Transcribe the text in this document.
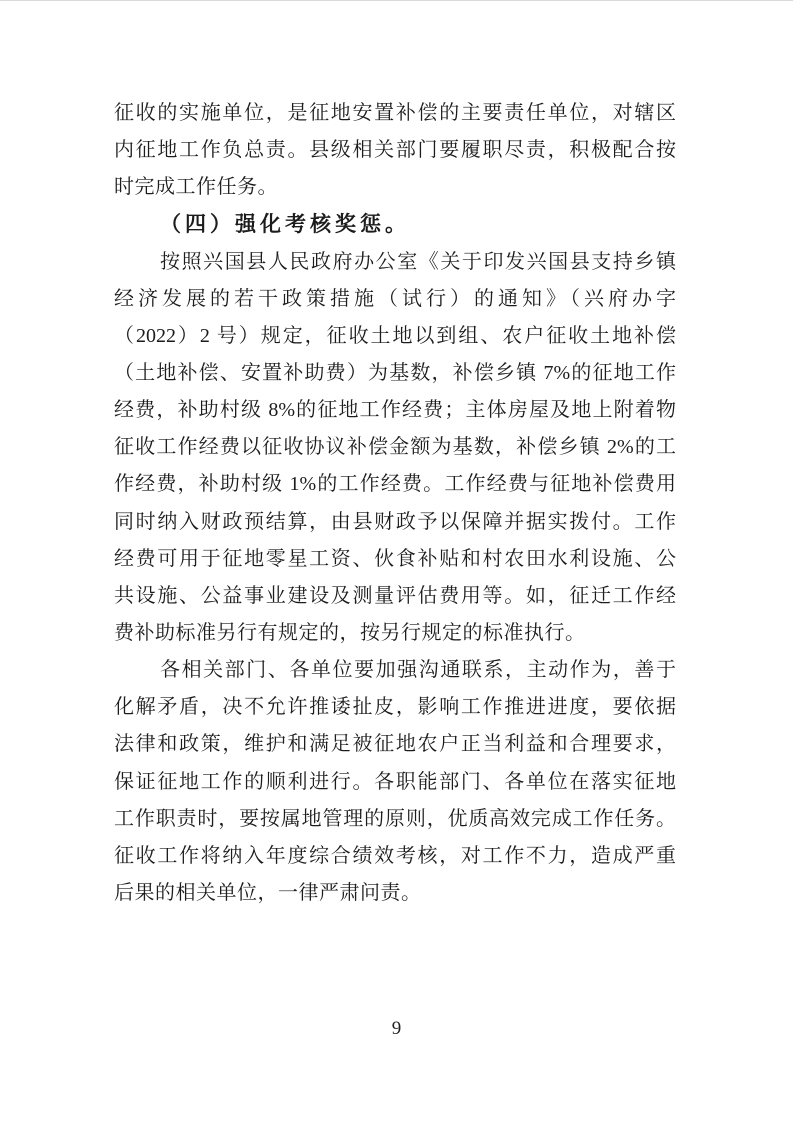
征收的实施单位，是征地安置补偿的主要责任单位，对辖区
内征地工作负总责。县级相关部门要履职尽责，积极配合按
时完成工作任务。
（四）强化考核奖惩。
按照兴国县人民政府办公室《关于印发兴国县支持乡镇
经济发展的若干政策措施（试行）的通知》（兴府办字
（2022）2 号）规定，征收土地以到组、农户征收土地补偿
（土地补偿、安置补助费）为基数，补偿乡镇 7%的征地工作
经费，补助村级 8%的征地工作经费；主体房屋及地上附着物
征收工作经费以征收协议补偿金额为基数，补偿乡镇 2%的工
作经费，补助村级 1%的工作经费。工作经费与征地补偿费用
同时纳入财政预结算，由县财政予以保障并据实拨付。工作
经费可用于征地零星工资、伙食补贴和村农田水利设施、公
共设施、公益事业建设及测量评估费用等。如，征迁工作经
费补助标准另行有规定的，按另行规定的标准执行。
各相关部门、各单位要加强沟通联系，主动作为，善于
化解矛盾，决不允许推诿扯皮，影响工作推进进度，要依据
法律和政策，维护和满足被征地农户正当利益和合理要求，
保证征地工作的顺利进行。各职能部门、各单位在落实征地
工作职责时，要按属地管理的原则，优质高效完成工作任务。
征收工作将纳入年度综合绩效考核，对工作不力，造成严重
后果的相关单位，一律严肃问责。
9
